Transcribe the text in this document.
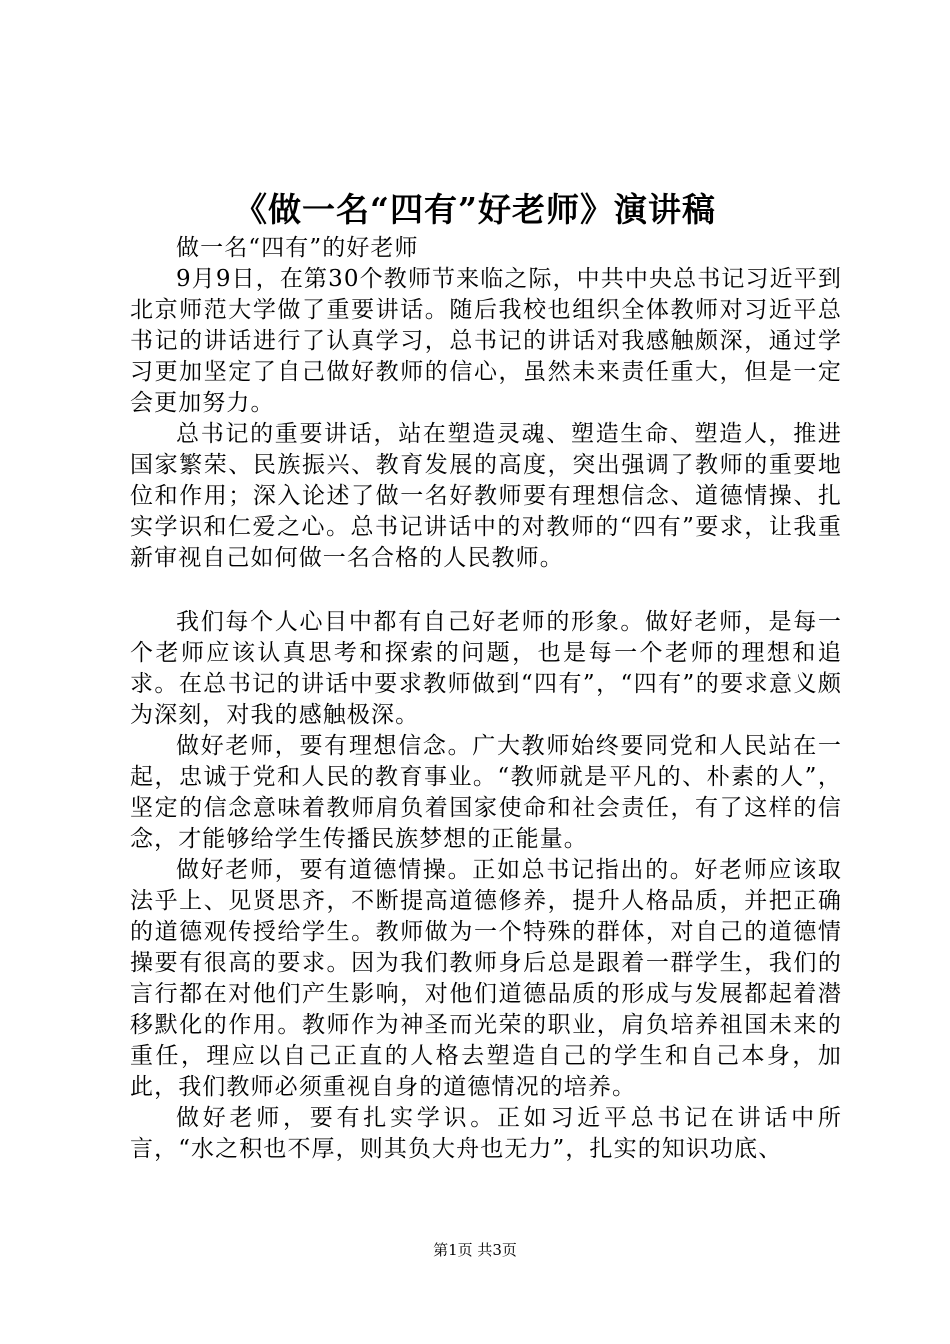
《做一名“四有”好老师》演讲稿

做一名“四有”的好老师

9月9日，在第30个教师节来临之际，中共中央总书记习近平到北京师范大学做了重要讲话。随后我校也组织全体教师对习近平总书记的讲话进行了认真学习，总书记的讲话对我感触颇深，通过学习更加坚定了自己做好教师的信心，虽然未来责任重大，但是一定会更加努力。

总书记的重要讲话，站在塑造灵魂、塑造生命、塑造人，推进国家繁荣、民族振兴、教育发展的高度，突出强调了教师的重要地位和作用；深入论述了做一名好教师要有理想信念、道德情操、扎实学识和仁爱之心。总书记讲话中的对教师的“四有”要求，让我重新审视自己如何做一名合格的人民教师。

我们每个人心目中都有自己好老师的形象。做好老师，是每一个老师应该认真思考和探索的问题，也是每一个老师的理想和追求。在总书记的讲话中要求教师做到“四有”，“四有”的要求意义颇为深刻，对我的感触极深。

做好老师，要有理想信念。广大教师始终要同党和人民站在一起，忠诚于党和人民的教育事业。“教师就是平凡的、朴素的人”，坚定的信念意味着教师肩负着国家使命和社会责任，有了这样的信念，才能够给学生传播民族梦想的正能量。

做好老师，要有道德情操。正如总书记指出的。好老师应该取法乎上、见贤思齐，不断提高道德修养，提升人格品质，并把正确的道德观传授给学生。教师做为一个特殊的群体，对自己的道德情操要有很高的要求。因为我们教师身后总是跟着一群学生，我们的言行都在对他们产生影响，对他们道德品质的形成与发展都起着潜移默化的作用。教师作为神圣而光荣的职业，肩负培养祖国未来的重任，理应以自己正直的人格去塑造自己的学生和自己本身，加此，我们教师必须重视自身的道德情况的培养。

做好老师，要有扎实学识。正如习近平总书记在讲话中所言，“水之积也不厚，则其负大舟也无力”，扎实的知识功底、

第1页 共3页
